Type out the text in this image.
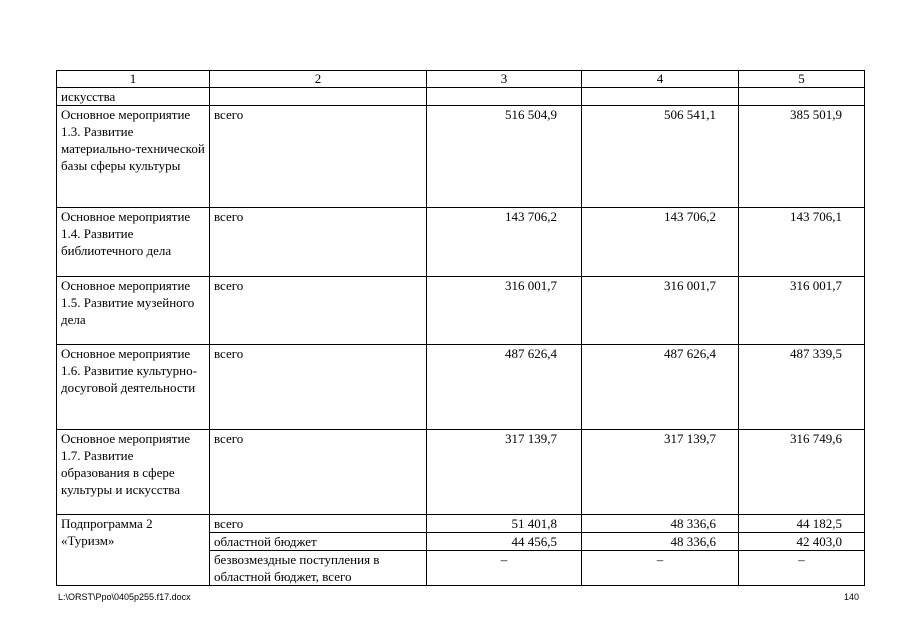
1	2	3	4	5
искусства				
Основное мероприятие 1.3. Развитие материально-технической базы сферы культуры	всего	516 504,9	506 541,1	385 501,9
Основное мероприятие 1.4. Развитие библиотечного дела	всего	143 706,2	143 706,2	143 706,1
Основное мероприятие 1.5. Развитие музейного дела	всего	316 001,7	316 001,7	316 001,7
Основное мероприятие 1.6. Развитие культурно-досуговой деятельности	всего	487 626,4	487 626,4	487 339,5
Основное мероприятие 1.7. Развитие образования в сфере культуры и искусства	всего	317 139,7	317 139,7	316 749,6
Подпрограмма 2 «Туризм»	всего	51 401,8	48 336,6	44 182,5
	областной бюджет	44 456,5	48 336,6	42 403,0
	безвозмездные поступления в областной бюджет, всего	–	–	–
L:\ORST\Ppo\0405p255.f17.docx	140
